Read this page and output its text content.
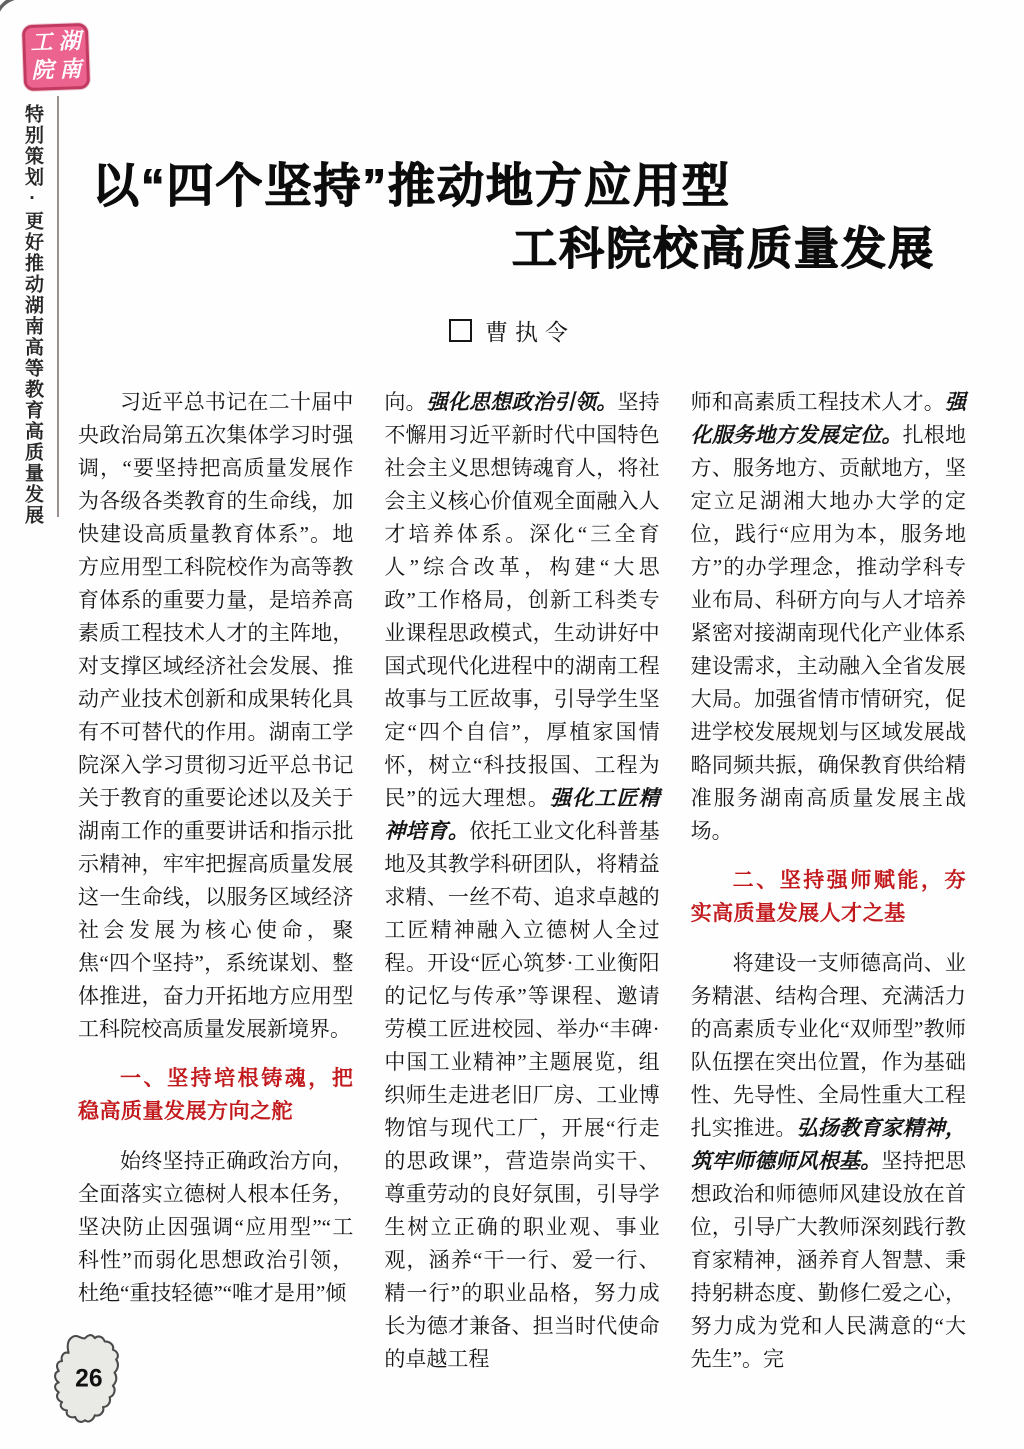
工 湖
院 南
特别策划·更好推动湖南高等教育高质量发展 以“四个坚持”推动地方应用型
工科院校高质量发展
曹执令

习近平总书记在二十届中央政治局第五次集体学习时强调，“要坚持把高质量发展作为各级各类教育的生命线，加快建设高质量教育体系”。地方应用型工科院校作为高等教育体系的重要力量，是培养高素质工程技术人才的主阵地，对支撑区域经济社会发展、推动产业技术创新和成果转化具有不可替代的作用。湖南工学院深入学习贯彻习近平总书记关于教育的重要论述以及关于湖南工作的重要讲话和指示批示精神，牢牢把握高质量发展这一生命线，以服务区域经济社会发展为核心使命，聚焦“四个坚持”，系统谋划、整体推进，奋力开拓地方应用型工科院校高质量发展新境界。

一、坚持培根铸魂，把稳高质量发展方向之舵

始终坚持正确政治方向，全面落实立德树人根本任务，坚决防止因强调“应用型”“工科性”而弱化思想政治引领，杜绝“重技轻德”“唯才是用”倾

向。强化思想政治引领。坚持不懈用习近平新时代中国特色社会主义思想铸魂育人，将社会主义核心价值观全面融入人才培养体系。深化“三全育人”综合改革，构建“大思政”工作格局，创新工科类专业课程思政模式，生动讲好中国式现代化进程中的湖南工程故事与工匠故事，引导学生坚定“四个自信”，厚植家国情怀，树立“科技报国、工程为民”的远大理想。强化工匠精神培育。依托工业文化科普基地及其教学科研团队，将精益求精、一丝不苟、追求卓越的工匠精神融入立德树人全过程。开设“匠心筑梦·工业衡阳的记忆与传承”等课程、邀请劳模工匠进校园、举办“丰碑·中国工业精神”主题展览，组织师生走进老旧厂房、工业博物馆与现代工厂，开展“行走的思政课”，营造崇尚实干、尊重劳动的良好氛围，引导学生树立正确的职业观、事业观，涵养“干一行、爱一行、精一行”的职业品格，努力成长为德才兼备、担当时代使命的卓越工程

师和高素质工程技术人才。强化服务地方发展定位。扎根地方、服务地方、贡献地方，坚定立足湖湘大地办大学的定位，践行“应用为本，服务地方”的办学理念，推动学科专业布局、科研方向与人才培养紧密对接湖南现代化产业体系建设需求，主动融入全省发展大局。加强省情市情研究，促进学校发展规划与区域发展战略同频共振，确保教育供给精准服务湖南高质量发展主战场。

二、坚持强师赋能，夯实高质量发展人才之基

将建设一支师德高尚、业务精湛、结构合理、充满活力的高素质专业化“双师型”教师队伍摆在突出位置，作为基础性、先导性、全局性重大工程扎实推进。弘扬教育家精神，筑牢师德师风根基。坚持把思想政治和师德师风建设放在首位，引导广大教师深刻践行教育家精神，涵养育人智慧、秉持躬耕态度、勤修仁爱之心，努力成为党和人民满意的“大先生”。完

26
